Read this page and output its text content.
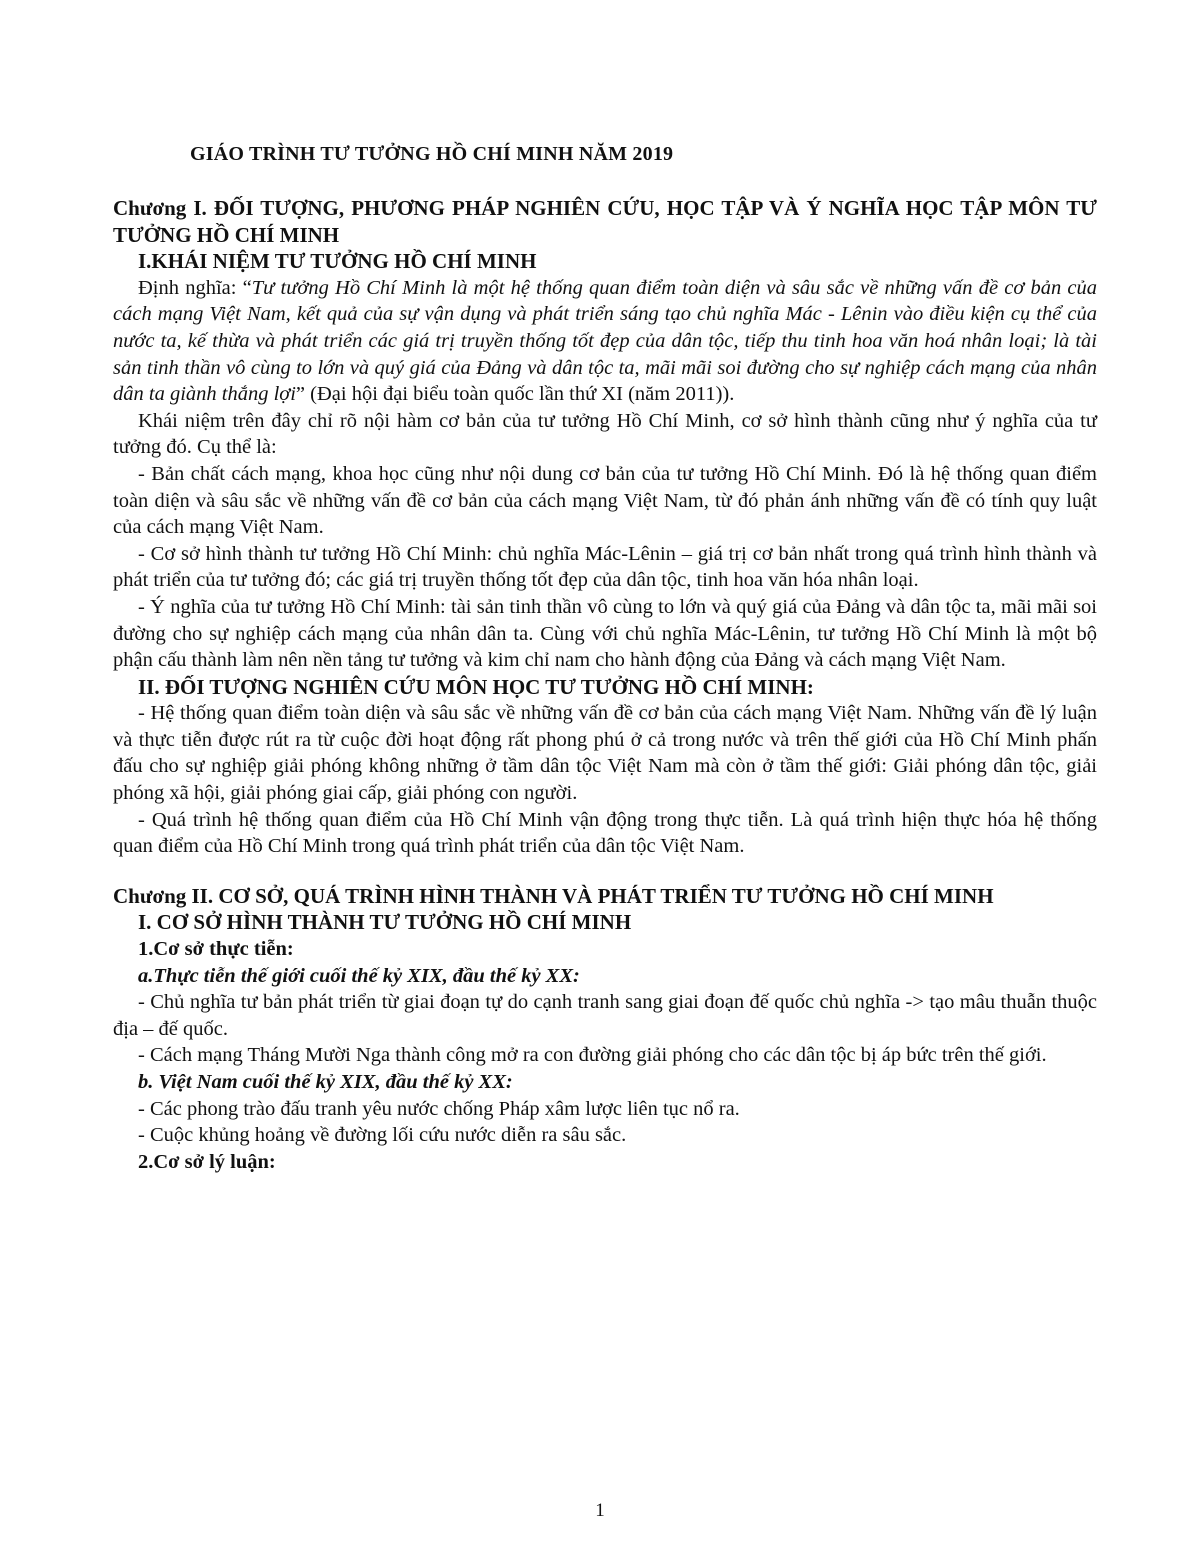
GIÁO TRÌNH TƯ TƯỞNG HỒ CHÍ MINH NĂM 2019

Chương I. ĐỐI TƯỢNG, PHƯƠNG PHÁP NGHIÊN CỨU, HỌC TẬP VÀ Ý NGHĨA HỌC TẬP MÔN TƯ TƯỞNG HỒ CHÍ MINH

I.KHÁI NIỆM TƯ TƯỞNG HỒ CHÍ MINH

Định nghĩa: “Tư tưởng Hồ Chí Minh là một hệ thống quan điểm toàn diện và sâu sắc về những vấn đề cơ bản của cách mạng Việt Nam, kết quả của sự vận dụng và phát triển sáng tạo chủ nghĩa Mác - Lênin vào điều kiện cụ thể của nước ta, kế thừa và phát triển các giá trị truyền thống tốt đẹp của dân tộc, tiếp thu tinh hoa văn hoá nhân loại; là tài sản tinh thần vô cùng to lớn và quý giá của Đảng và dân tộc ta, mãi mãi soi đường cho sự nghiệp cách mạng của nhân dân ta giành thắng lợi” (Đại hội đại biểu toàn quốc lần thứ XI (năm 2011)).

Khái niệm trên đây chỉ rõ nội hàm cơ bản của tư tưởng Hồ Chí Minh, cơ sở hình thành cũng như ý nghĩa của tư tưởng đó. Cụ thể là:

- Bản chất cách mạng, khoa học cũng như nội dung cơ bản của tư tưởng Hồ Chí Minh. Đó là hệ thống quan điểm toàn diện và sâu sắc về những vấn đề cơ bản của cách mạng Việt Nam, từ đó phản ánh những vấn đề có tính quy luật của cách mạng Việt Nam.

- Cơ sở hình thành tư tưởng Hồ Chí Minh: chủ nghĩa Mác-Lênin – giá trị cơ bản nhất trong quá trình hình thành và phát triển của tư tưởng đó; các giá trị truyền thống tốt đẹp của dân tộc, tinh hoa văn hóa nhân loại.

- Ý nghĩa của tư tưởng Hồ Chí Minh: tài sản tinh thần vô cùng to lớn và quý giá của Đảng và dân tộc ta, mãi mãi soi đường cho sự nghiệp cách mạng của nhân dân ta. Cùng với chủ nghĩa Mác-Lênin, tư tưởng Hồ Chí Minh là một bộ phận cấu thành làm nên nền tảng tư tưởng và kim chỉ nam cho hành động của Đảng và cách mạng Việt Nam.

II. ĐỐI TƯỢNG NGHIÊN CỨU MÔN HỌC TƯ TƯỞNG HỒ CHÍ MINH:

- Hệ thống quan điểm toàn diện và sâu sắc về những vấn đề cơ bản của cách mạng Việt Nam. Những vấn đề lý luận và thực tiễn được rút ra từ cuộc đời hoạt động rất phong phú ở cả trong nước và trên thế giới của Hồ Chí Minh phấn đấu cho sự nghiệp giải phóng không những ở tầm dân tộc Việt Nam mà còn ở tầm thế giới: Giải phóng dân tộc, giải phóng xã hội, giải phóng giai cấp, giải phóng con người.

- Quá trình hệ thống quan điểm của Hồ Chí Minh vận động trong thực tiễn. Là quá trình hiện thực hóa hệ thống quan điểm của Hồ Chí Minh trong quá trình phát triển của dân tộc Việt Nam.

Chương II. CƠ SỞ, QUÁ TRÌNH HÌNH THÀNH VÀ PHÁT TRIỂN TƯ TƯỞNG HỒ CHÍ MINH

I. CƠ SỞ HÌNH THÀNH TƯ TƯỞNG HỒ CHÍ MINH

1.Cơ sở thực tiễn:

a.Thực tiễn thế giới cuối thế kỷ XIX, đầu thế kỷ XX:

- Chủ nghĩa tư bản phát triển từ giai đoạn tự do cạnh tranh sang giai đoạn đế quốc chủ nghĩa -> tạo mâu thuẫn thuộc địa – đế quốc.

- Cách mạng Tháng Mười Nga thành công mở ra con đường giải phóng cho các dân tộc bị áp bức trên thế giới.

b. Việt Nam cuối thế kỷ XIX, đầu thế kỷ XX:

- Các phong trào đấu tranh yêu nước chống Pháp xâm lược liên tục nổ ra.

- Cuộc khủng hoảng về đường lối cứu nước diễn ra sâu sắc.

2.Cơ sở lý luận:

1
